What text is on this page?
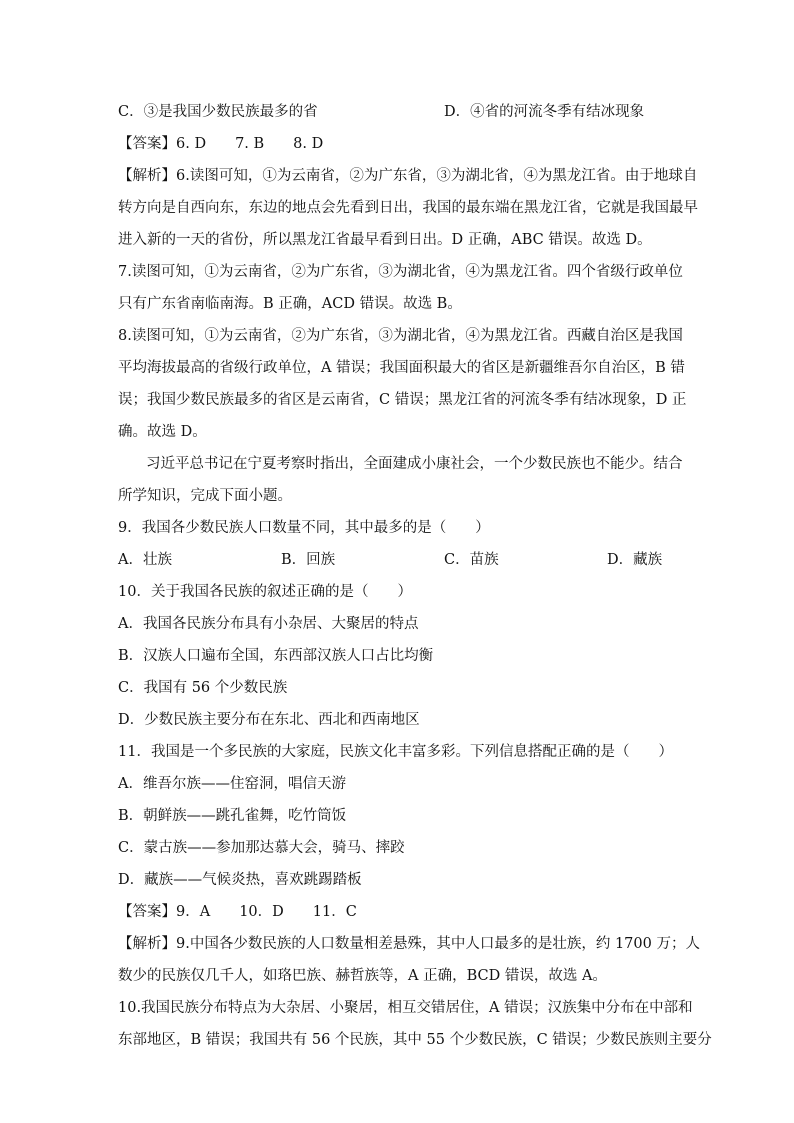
C．③是我国少数民族最多的省	D．④省的河流冬季有结冰现象
【答案】6. D　　7. B　　8. D
【解析】6.读图可知，①为云南省，②为广东省，③为湖北省，④为黑龙江省。由于地球自
转方向是自西向东，东边的地点会先看到日出，我国的最东端在黑龙江省，它就是我国最早
进入新的一天的省份，所以黑龙江省最早看到日出。D 正确，ABC 错误。故选 D。
7.读图可知，①为云南省，②为广东省，③为湖北省，④为黑龙江省。四个省级行政单位
只有广东省南临南海。B 正确，ACD 错误。故选 B。
8.读图可知，①为云南省，②为广东省，③为湖北省，④为黑龙江省。西藏自治区是我国
平均海拔最高的省级行政单位，A 错误；我国面积最大的省区是新疆维吾尔自治区，B 错
误；我国少数民族最多的省区是云南省，C 错误；黑龙江省的河流冬季有结冰现象，D 正
确。故选 D。
习近平总书记在宁夏考察时指出，全面建成小康社会，一个少数民族也不能少。结合
所学知识，完成下面小题。
9．我国各少数民族人口数量不同，其中最多的是（　　）
A．壮族	B．回族	C．苗族	D．藏族
10．关于我国各民族的叙述正确的是（　　）
A．我国各民族分布具有小杂居、大聚居的特点
B．汉族人口遍布全国，东西部汉族人口占比均衡
C．我国有 56 个少数民族
D．少数民族主要分布在东北、西北和西南地区
11．我国是一个多民族的大家庭，民族文化丰富多彩。下列信息搭配正确的是（　　）
A．维吾尔族——住窑洞，唱信天游
B．朝鲜族——跳孔雀舞，吃竹筒饭
C．蒙古族——参加那达慕大会，骑马、摔跤
D．藏族——气候炎热，喜欢跳踢踏板
【答案】9．A　　10．D　　11．C
【解析】9.中国各少数民族的人口数量相差悬殊，其中人口最多的是壮族，约 1700 万；人
数少的民族仅几千人，如珞巴族、赫哲族等，A 正确，BCD 错误，故选 A。
10.我国民族分布特点为大杂居、小聚居，相互交错居住，A 错误；汉族集中分布在中部和
东部地区，B 错误；我国共有 56 个民族，其中 55 个少数民族，C 错误；少数民族则主要分
